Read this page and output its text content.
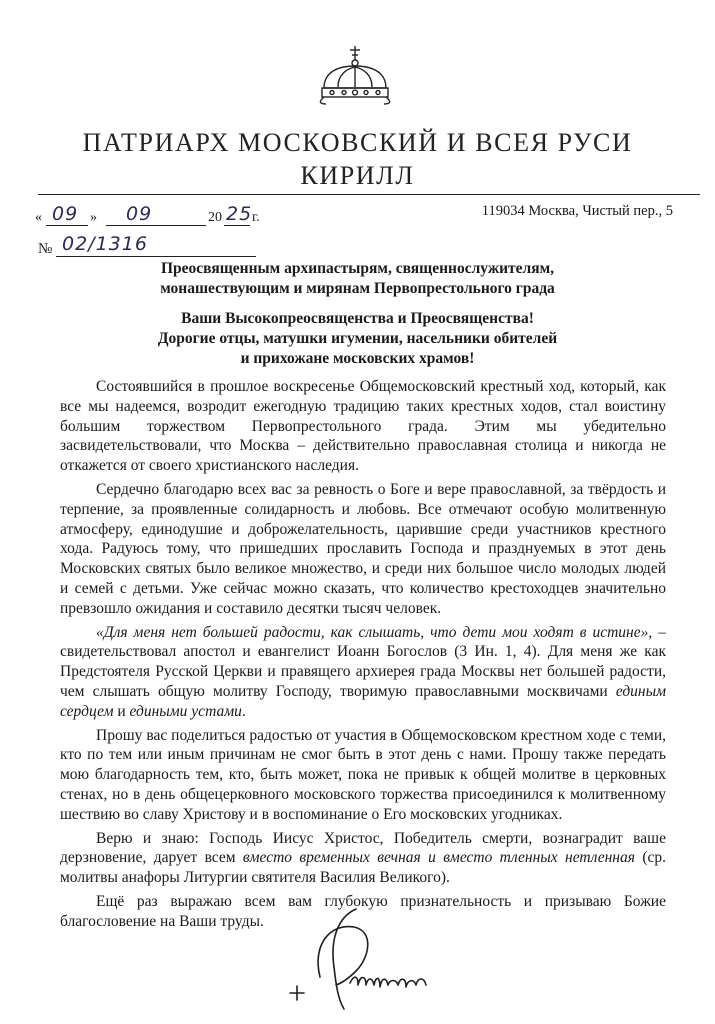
ПАТРИАРХ МОСКОВСКИЙ И ВСЕЯ РУСИ
КИРИЛЛ
« 09 » 09	20 25 г.	119034 Москва, Чистый пер., 5
№ 02/1316
Преосвященным архипастырям, священнослужителям,
монашествующим и мирянам Первопрестольного града
Ваши Высокопреосвященства и Преосвященства!
Дорогие отцы, матушки игумении, насельники обителей
и прихожане московских храмов!

Состоявшийся в прошлое воскресенье Общемосковский крестный ход, который, как все мы надеемся, возродит ежегодную традицию таких крестных ходов, стал воистину большим торжеством Первопрестольного града. Этим мы убедительно засвидетельствовали, что Москва – действительно православная столица и никогда не откажется от своего христианского наследия.

Сердечно благодарю всех вас за ревность о Боге и вере православной, за твёрдость и терпение, за проявленные солидарность и любовь. Все отмечают особую молитвенную атмосферу, единодушие и доброжелательность, царившие среди участников крестного хода. Радуюсь тому, что пришедших прославить Господа и празднуемых в этот день Московских святых было великое множество, и среди них большое число молодых людей и семей с детьми. Уже сейчас можно сказать, что количество крестоходцев значительно превзошло ожидания и составило десятки тысяч человек.

«Для меня нет большей радости, как слышать, что дети мои ходят в истине», – свидетельствовал апостол и евангелист Иоанн Богослов (3 Ин. 1, 4). Для меня же как Предстоятеля Русской Церкви и правящего архиерея града Москвы нет большей радости, чем слышать общую молитву Господу, творимую православными москвичами единым сердцем и едиными устами.

Прошу вас поделиться радостью от участия в Общемосковском крестном ходе с теми, кто по тем или иным причинам не смог быть в этот день с нами. Прошу также передать мою благодарность тем, кто, быть может, пока не привык к общей молитве в церковных стенах, но в день общецерковного московского торжества присоединился к молитвенному шествию во славу Христову и в воспоминание о Его московских угодниках.

Верю и знаю: Господь Иисус Христос, Победитель смерти, вознаградит ваше дерзновение, дарует всем вместо временных вечная и вместо тленных нетленная (ср. молитвы анафоры Литургии святителя Василия Великого).

Ещё раз выражаю всем вам глубокую признательность и призываю Божие благословение на Ваши труды.
